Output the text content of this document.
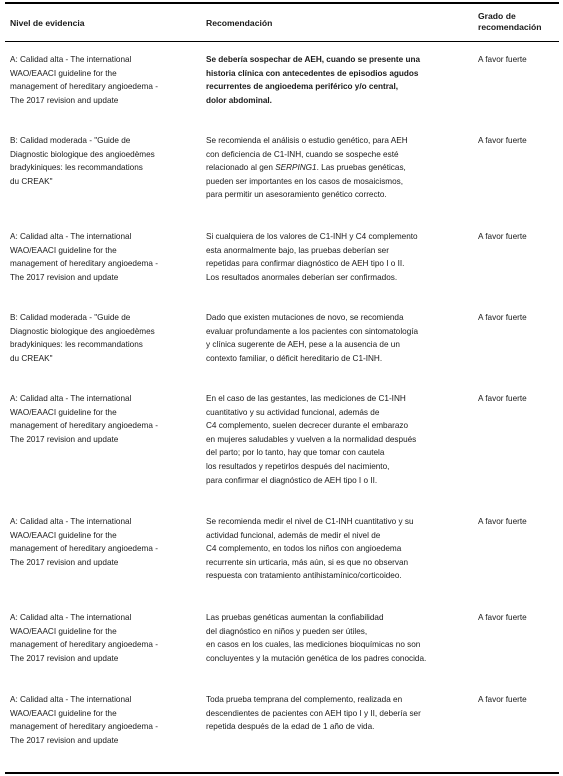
Nivel de evidencia	Recomendación
Grado de
recomendación
A: Calidad alta - The international
WAO/EAACI guideline for the
management of hereditary angioedema -
The 2017 revision and update
Se debería sospechar de AEH, cuando se presente una
historia clínica con antecedentes de episodios agudos
recurrentes de angioedema periférico y/o central,
dolor abdominal.
A favor fuerte
B: Calidad moderada - "Guide de
Diagnostic biologique des angioedèmes
bradykiniques: les recommandations
du CREAK"
Se recomienda el análisis o estudio genético, para AEH
con deficiencia de C1-INH, cuando se sospeche esté
relacionado al gen SERPING1. Las pruebas genéticas,
pueden ser importantes en los casos de mosaicismos,
para permitir un asesoramiento genético correcto.
A favor fuerte
A: Calidad alta - The international
WAO/EAACI guideline for the
management of hereditary angioedema -
The 2017 revision and update
Si cualquiera de los valores de C1-INH y C4 complemento
esta anormalmente bajo, las pruebas deberían ser
repetidas para confirmar diagnóstico de AEH tipo I o II.
Los resultados anormales deberían ser confirmados.
A favor fuerte
B: Calidad moderada - "Guide de
Diagnostic biologique des angioedèmes
bradykiniques: les recommandations
du CREAK"
Dado que existen mutaciones de novo, se recomienda
evaluar profundamente a los pacientes con sintomatología
y clínica sugerente de AEH, pese a la ausencia de un
contexto familiar, o déficit hereditario de C1-INH.
A favor fuerte
A: Calidad alta - The international
WAO/EAACI guideline for the
management of hereditary angioedema -
The 2017 revision and update
En el caso de las gestantes, las mediciones de C1-INH
cuantitativo y su actividad funcional, además de
C4 complemento, suelen decrecer durante el embarazo
en mujeres saludables y vuelven a la normalidad después
del parto; por lo tanto, hay que tomar con cautela
los resultados y repetirlos después del nacimiento,
para confirmar el diagnóstico de AEH tipo I o II.
A favor fuerte
A: Calidad alta - The international
WAO/EAACI guideline for the
management of hereditary angioedema -
The 2017 revision and update
Se recomienda medir el nivel de C1-INH cuantitativo y su
actividad funcional, además de medir el nivel de
C4 complemento, en todos los niños con angioedema
recurrente sin urticaria, más aún, si es que no observan
respuesta con tratamiento antihistamínico/corticoideo.
A favor fuerte
A: Calidad alta - The international
WAO/EAACI guideline for the
management of hereditary angioedema -
The 2017 revision and update
Las pruebas genéticas aumentan la confiabilidad
del diagnóstico en niños y pueden ser útiles,
en casos en los cuales, las mediciones bioquímicas no son
concluyentes y la mutación genética de los padres conocida.
A favor fuerte
A: Calidad alta - The international
WAO/EAACI guideline for the
management of hereditary angioedema -
The 2017 revision and update
Toda prueba temprana del complemento, realizada en
descendientes de pacientes con AEH tipo I y II, debería ser
repetida después de la edad de 1 año de vida.
A favor fuerte
